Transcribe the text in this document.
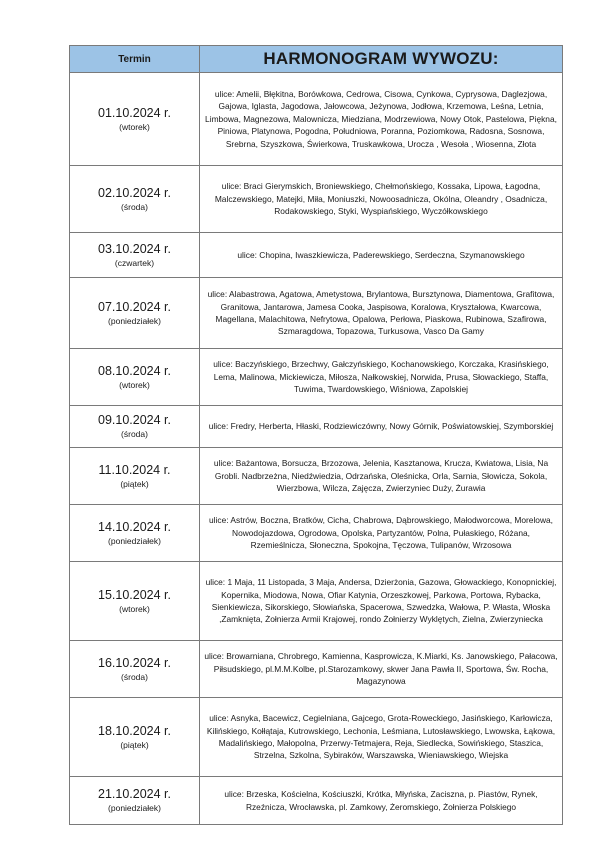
Termin	HARMONOGRAM WYWOZU:

01.10.2024 r.
(wtorek)	ulice: Amelii, Błękitna, Borówkowa, Cedrowa, Cisowa, Cynkowa, Cyprysowa, Daglezjowa, Gajowa, Iglasta, Jagodowa, Jałowcowa, Jeżynowa, Jodłowa, Krzemowa, Leśna, Letnia, Limbowa, Magnezowa, Malownicza, Miedziana, Modrzewiowa, Nowy Otok, Pastelowa, Piękna, Piniowa, Platynowa, Pogodna, Południowa, Poranna, Poziomkowa, Radosna, Sosnowa, Srebrna, Szyszkowa, Świerkowa, Truskawkowa, Urocza , Wesoła , Wiosenna, Złota

02.10.2024 r.
(środa)	ulice: Braci Gierymskich, Broniewskiego, Chełmońskiego, Kossaka, Lipowa, Łagodna, Malczewskiego, Matejki, Miła, Moniuszki, Nowoosadnicza, Okólna, Oleandry , Osadnicza, Rodakowskiego, Styki, Wyspiańskiego, Wyczółkowskiego

03.10.2024 r.
(czwartek)	ulice: Chopina, Iwaszkiewicza, Paderewskiego, Serdeczna, Szymanowskiego

07.10.2024 r.
(poniedziałek)	ulice: Alabastrowa, Agatowa, Ametystowa, Brylantowa, Bursztynowa, Diamentowa, Grafitowa, Granitowa, Jantarowa, Jamesa Cooka, Jaspisowa, Koralowa, Kryształowa, Kwarcowa, Magellana, Malachitowa, Nefrytowa, Opalowa, Perłowa, Piaskowa, Rubinowa, Szafirowa, Szmaragdowa, Topazowa, Turkusowa, Vasco Da Gamy

08.10.2024 r.
(wtorek)	ulice: Baczyńskiego, Brzechwy, Gałczyńskiego, Kochanowskiego, Korczaka, Krasińskiego, Lema, Malinowa, Mickiewicza, Miłosza, Nałkowskiej, Norwida, Prusa, Słowackiego, Staffa, Tuwima, Twardowskiego, Wiśniowa, Zapolskiej

09.10.2024 r.
(środa)	ulice: Fredry, Herberta, Hłaski, Rodziewiczówny, Nowy Górnik, Poświatowskiej, Szymborskiej

11.10.2024 r.
(piątek)	ulice: Bażantowa, Borsucza, Brzozowa, Jelenia, Kasztanowa, Krucza, Kwiatowa, Lisia, Na Grobli. Nadbrzeżna, Niedźwiedzia, Odrzańska, Oleśnicka, Orla, Sarnia, Słowicza, Sokola, Wierzbowa, Wilcza, Zajęcza, Zwierzyniec Duży, Żurawia

14.10.2024 r.
(poniedziałek)	ulice: Astrów, Boczna, Bratków, Cicha, Chabrowa, Dąbrowskiego, Małodworcowa, Morelowa, Nowodojazdowa, Ogrodowa, Opolska, Partyzantów, Polna, Pułaskiego, Różana, Rzemieślnicza, Słoneczna, Spokojna, Tęczowa, Tulipanów, Wrzosowa

15.10.2024 r.
(wtorek)	ulice: 1 Maja, 11 Listopada, 3 Maja, Andersa, Dzierżonia, Gazowa, Głowackiego, Konopnickiej, Kopernika, Miodowa, Nowa, Ofiar Katynia, Orzeszkowej, Parkowa, Portowa, Rybacka, Sienkiewicza, Sikorskiego, Słowiańska, Spacerowa, Szwedzka, Wałowa, P. Własta, Włoska ,Zamknięta, Żołnierza Armii Krajowej, rondo Żołnierzy Wyklętych, Zielna, Zwierzyniecka

16.10.2024 r.
(środa)	ulice: Browarniana, Chrobrego, Kamienna, Kasprowicza, K.Miarki, Ks. Janowskiego, Pałacowa, Piłsudskiego, pl.M.M.Kolbe, pl.Starozamkowy, skwer Jana Pawła II, Sportowa, Św. Rocha, Magazynowa

18.10.2024 r.
(piątek)	ulice: Asnyka, Bacewicz, Cegielniana, Gajcego, Grota-Roweckiego, Jasińskiego, Karłowicza, Kilińskiego, Kołłątaja, Kutrowskiego, Lechonia, Leśmiana, Lutosławskiego, Lwowska, Łąkowa, Madalińskiego, Małopolna, Przerwy-Tetmajera, Reja, Siedlecka, Sowińskiego, Staszica, Strzelna, Szkolna, Sybiraków, Warszawska, Wieniawskiego, Wiejska

21.10.2024 r.
(poniedziałek)	ulice: Brzeska, Kościelna, Kościuszki, Krótka, Młyńska, Zaciszna, p. Piastów, Rynek, Rzeźnicza, Wrocławska, pl. Zamkowy, Żeromskiego, Żołnierza Polskiego
